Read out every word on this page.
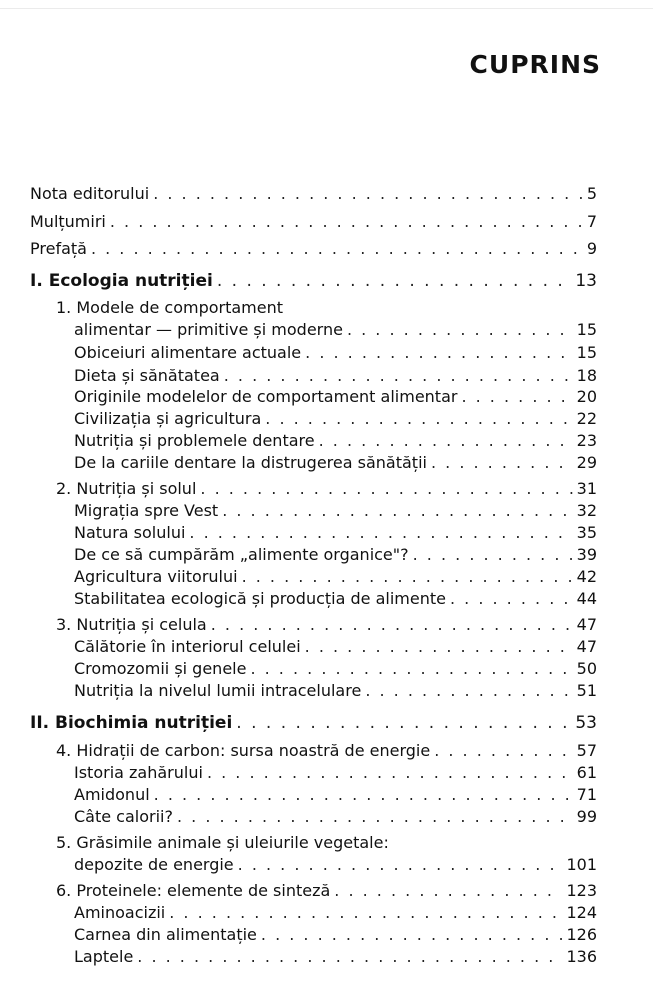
CUPRINS
Nota editorului . . .	5
Mulțumiri . . .	7
Prefață . . .	9
I. Ecologia nutriției . . .	13
1. Modele de comportament
alimentar — primitive și moderne . . .	15
Obiceiuri alimentare actuale . . .	15
Dieta și sănătatea . . .	18
Originile modelelor de comportament alimentar . . .	20
Civilizația și agricultura . . .	22
Nutriția și problemele dentare . . .	23
De la cariile dentare la distrugerea sănătății . . .	29
2. Nutriția și solul . . .	31
Migrația spre Vest . . .	32
Natura solului . . .	35
De ce să cumpărăm „alimente organice"? . . .	39
Agricultura viitorului . . .	42
Stabilitatea ecologică și producția de alimente . . .	44
3. Nutriția și celula . . .	47
Călătorie în interiorul celulei . . .	47
Cromozomii și genele . . .	50
Nutriția la nivelul lumii intracelulare . . .	51
II. Biochimia nutriției . . .	53
4. Hidrații de carbon: sursa noastră de energie . . .	57
Istoria zahărului . . .	61
Amidonul . . .	71
Câte calorii? . . .	99
5. Grăsimile animale și uleiurile vegetale:
depozite de energie . . .	101
6. Proteinele: elemente de sinteză . . .	123
Aminoacizii . . .	124
Carnea din alimentație . . .	126
Laptele . . .	136
